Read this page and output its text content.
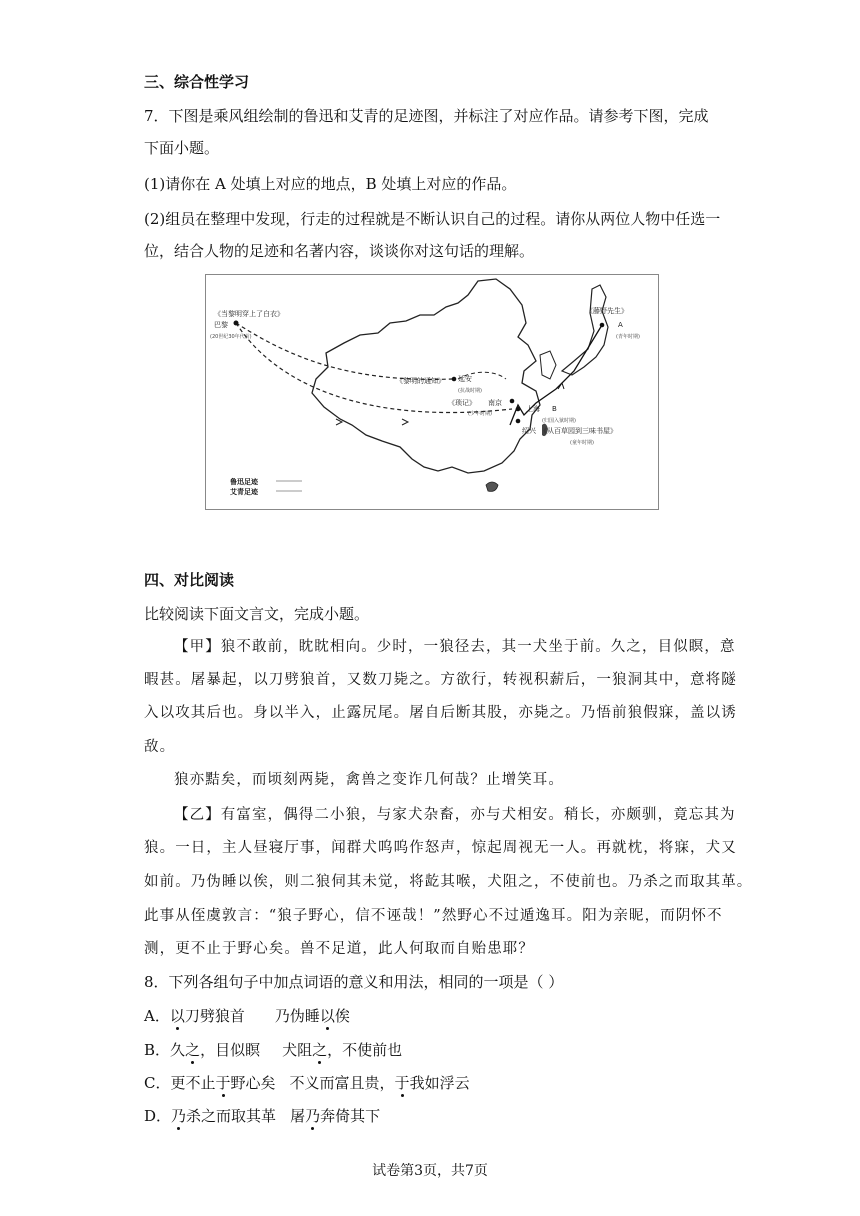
三、综合性学习
7．下图是乘风组绘制的鲁迅和艾青的足迹图，并标注了对应作品。请参考下图，完成
下面小题。
(1)请你在 A 处填上对应的地点，B 处填上对应的作品。
(2)组员在整理中发现，行走的过程就是不断认识自己的过程。请你从两位人物中任选一
位，结合人物的足迹和名著内容，谈谈你对这句话的理解。
《当黎明穿上了白衣》
巴黎
(20世纪30年代前)
《藤野先生》
A
(青年时期)
《黎明的通知》 延安
(抗战时期)
《琐记》 南京
(少年时期)
上海 B
(归国入狱时期)
绍兴 《从百草园到三味书屋》
(童年时期)
鲁迅足迹
艾青足迹
四、对比阅读
比较阅读下面文言文，完成小题。
【甲】狼不敢前，眈眈相向。少时，一狼径去，其一犬坐于前。久之，目似瞑，意
暇甚。屠暴起，以刀劈狼首，又数刀毙之。方欲行，转视积薪后，一狼洞其中，意将隧
入以攻其后也。身以半入，止露尻尾。屠自后断其股，亦毙之。乃悟前狼假寐，盖以诱
敌。
狼亦黠矣，而顷刻两毙，禽兽之变诈几何哉？止增笑耳。
【乙】有富室，偶得二小狼，与家犬杂畜，亦与犬相安。稍长，亦颇驯，竟忘其为
狼。一日，主人昼寝厅事，闻群犬呜呜作怒声，惊起周视无一人。再就枕，将寐，犬又
如前。乃伪睡以俟，则二狼伺其未觉，将龁其喉，犬阻之，不使前也。乃杀之而取其革。
此事从侄虞敦言：“狼子野心，信不诬哉！”然野心不过遁逸耳。阳为亲昵，而阴怀不
测，更不止于野心矣。兽不足道，此人何取而自贻患耶？
8．下列各组句子中加点词语的意义和用法，相同的一项是（ ）
A．以刀劈狼首 乃伪睡以俟
B．久之，目似瞑 犬阻之，不使前也
C．更不止于野心矣 不义而富且贵，于我如浮云
D．乃杀之而取其革 屠乃奔倚其下
试卷第3页，共7页
